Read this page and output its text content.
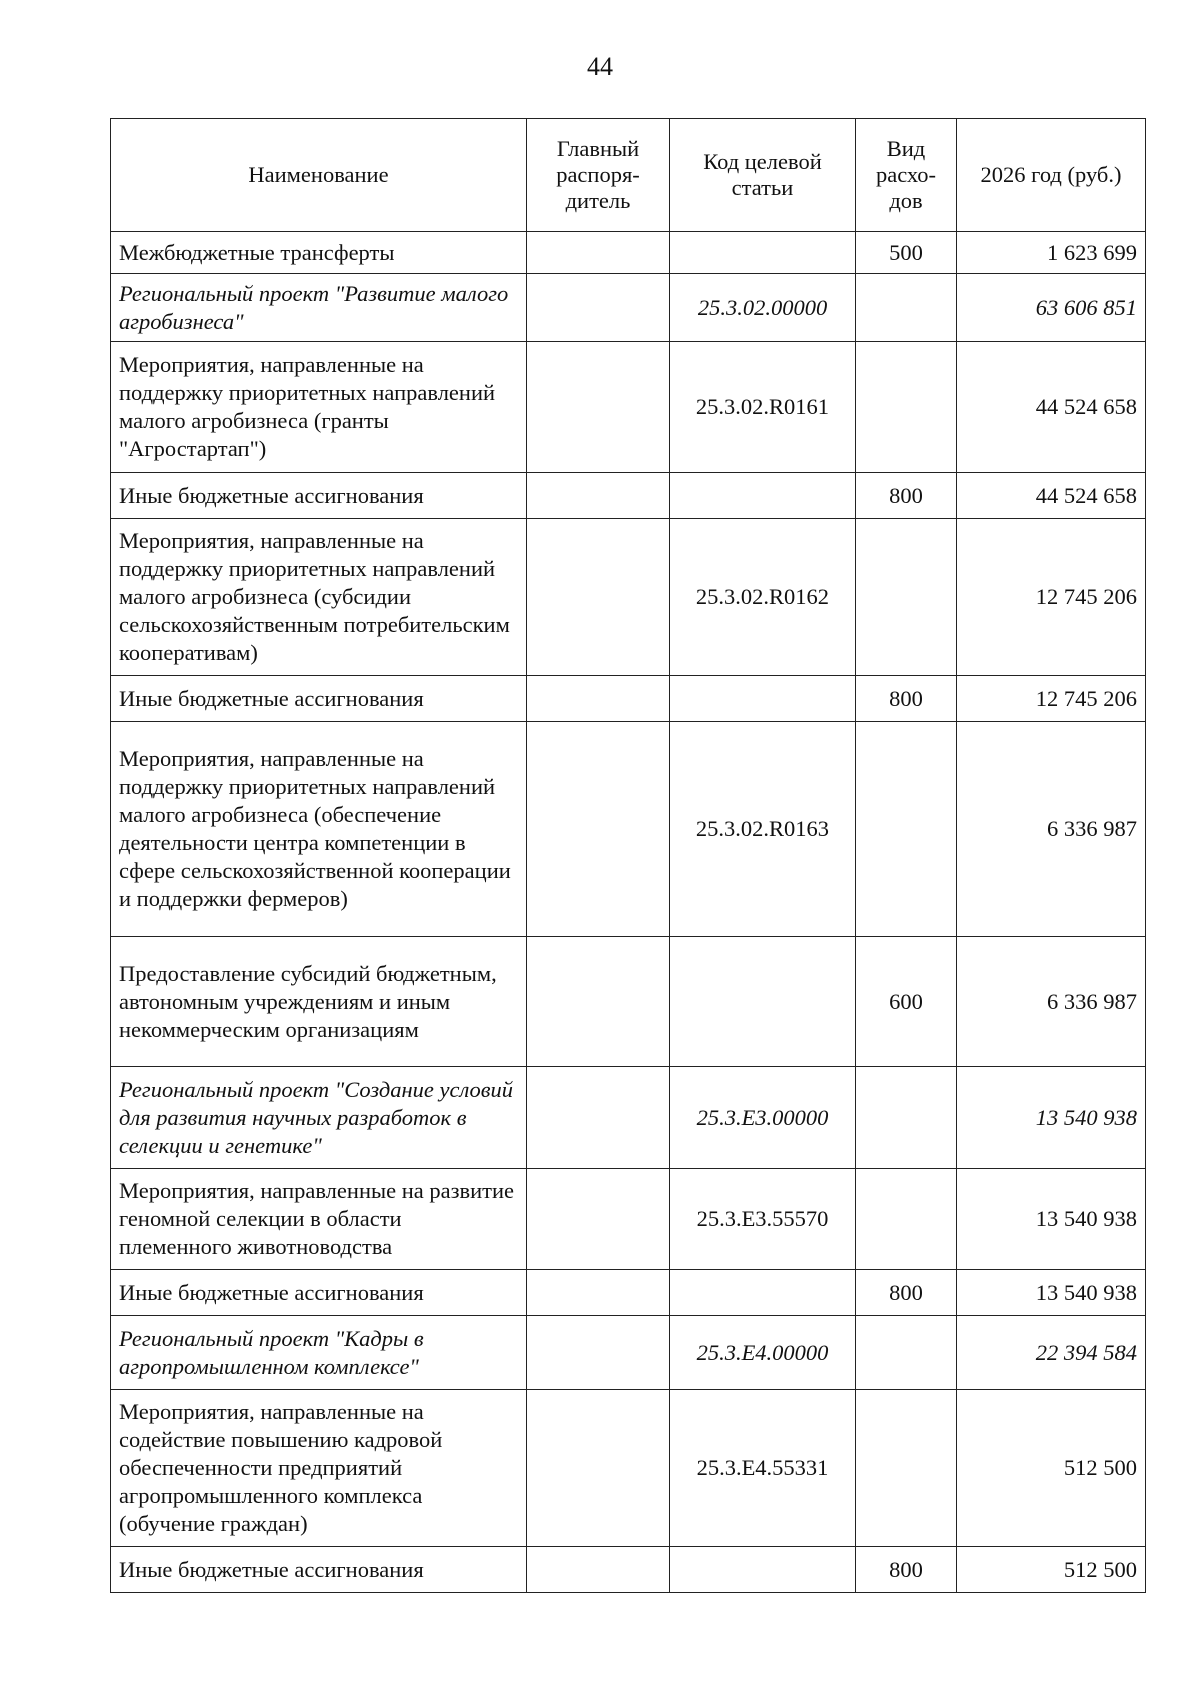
44
Наименование	Главный распоря-дитель	Код целевой статьи	Вид расхо-дов	2026 год (руб.)
Межбюджетные трансферты			500	1 623 699
Региональный проект "Развитие малого агробизнеса"		25.3.02.00000		63 606 851
Мероприятия, направленные на поддержку приоритетных направлений малого агробизнеса (гранты "Агростартап")		25.3.02.R0161		44 524 658
Иные бюджетные ассигнования			800	44 524 658
Мероприятия, направленные на поддержку приоритетных направлений малого агробизнеса (субсидии сельскохозяйственным потребительским кооперативам)		25.3.02.R0162		12 745 206
Иные бюджетные ассигнования			800	12 745 206
Мероприятия, направленные на поддержку приоритетных направлений малого агробизнеса (обеспечение деятельности центра компетенции в сфере сельскохозяйственной кооперации и поддержки фермеров)		25.3.02.R0163		6 336 987
Предоставление субсидий бюджетным, автономным учреждениям и иным некоммерческим организациям			600	6 336 987
Региональный проект "Создание условий для развития научных разработок в селекции и генетике"		25.3.E3.00000		13 540 938
Мероприятия, направленные на развитие геномной селекции в области племенного животноводства		25.3.E3.55570		13 540 938
Иные бюджетные ассигнования			800	13 540 938
Региональный проект "Кадры в агропромышленном комплексе"		25.3.E4.00000		22 394 584
Мероприятия, направленные на содействие повышению кадровой обеспеченности предприятий агропромышленного комплекса (обучение граждан)		25.3.E4.55331		512 500
Иные бюджетные ассигнования			800	512 500
